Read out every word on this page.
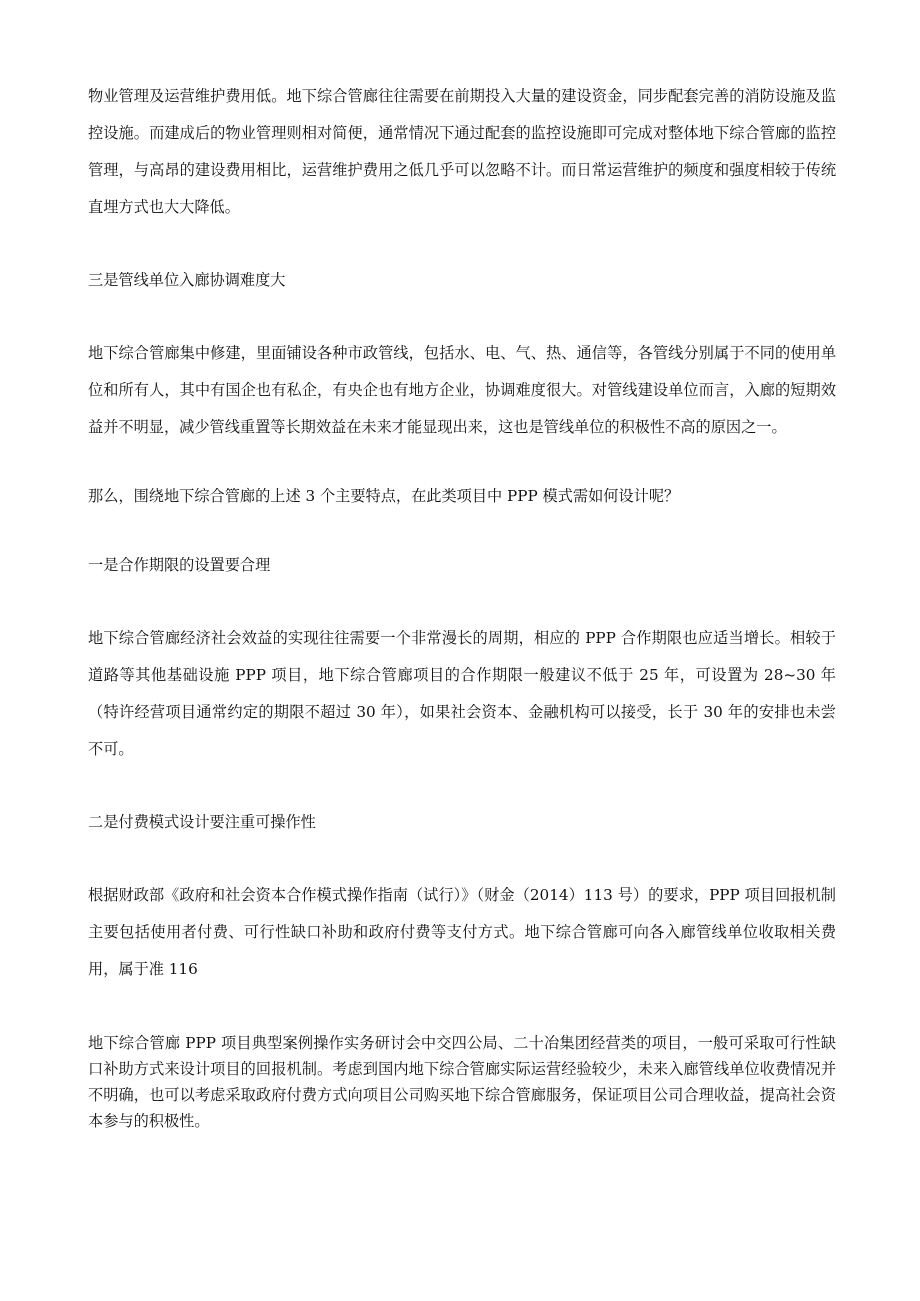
物业管理及运营维护费用低。地下综合管廊往往需要在前期投入大量的建设资金，同步配套完善的消防设施及监控设施。而建成后的物业管理则相对简便，通常情况下通过配套的监控设施即可完成对整体地下综合管廊的监控管理，与高昂的建设费用相比，运营维护费用之低几乎可以忽略不计。而日常运营维护的频度和强度相较于传统直埋方式也大大降低。

三是管线单位入廊协调难度大

地下综合管廊集中修建，里面铺设各种市政管线，包括水、电、气、热、通信等，各管线分别属于不同的使用单位和所有人，其中有国企也有私企，有央企也有地方企业，协调难度很大。对管线建设单位而言，入廊的短期效益并不明显，减少管线重置等长期效益在未来才能显现出来，这也是管线单位的积极性不高的原因之一。

那么，围绕地下综合管廊的上述 3 个主要特点，在此类项目中 PPP 模式需如何设计呢？

一是合作期限的设置要合理

地下综合管廊经济社会效益的实现往往需要一个非常漫长的周期，相应的 PPP 合作期限也应适当增长。相较于道路等其他基础设施 PPP 项目，地下综合管廊项目的合作期限一般建议不低于 25 年，可设置为 28~30 年（特许经营项目通常约定的期限不超过 30 年），如果社会资本、金融机构可以接受，长于 30 年的安排也未尝不可。

二是付费模式设计要注重可操作性

根据财政部《政府和社会资本合作模式操作指南（试行）》（财金（2014）113 号）的要求，PPP 项目回报机制主要包括使用者付费、可行性缺口补助和政府付费等支付方式。地下综合管廊可向各入廊管线单位收取相关费用，属于准 116

地下综合管廊 PPP 项目典型案例操作实务研讨会中交四公局、二十冶集团经营类的项目，一般可采取可行性缺口补助方式来设计项目的回报机制。考虑到国内地下综合管廊实际运营经验较少，未来入廊管线单位收费情况并不明确，也可以考虑采取政府付费方式向项目公司购买地下综合管廊服务，保证项目公司合理收益，提高社会资本参与的积极性。
